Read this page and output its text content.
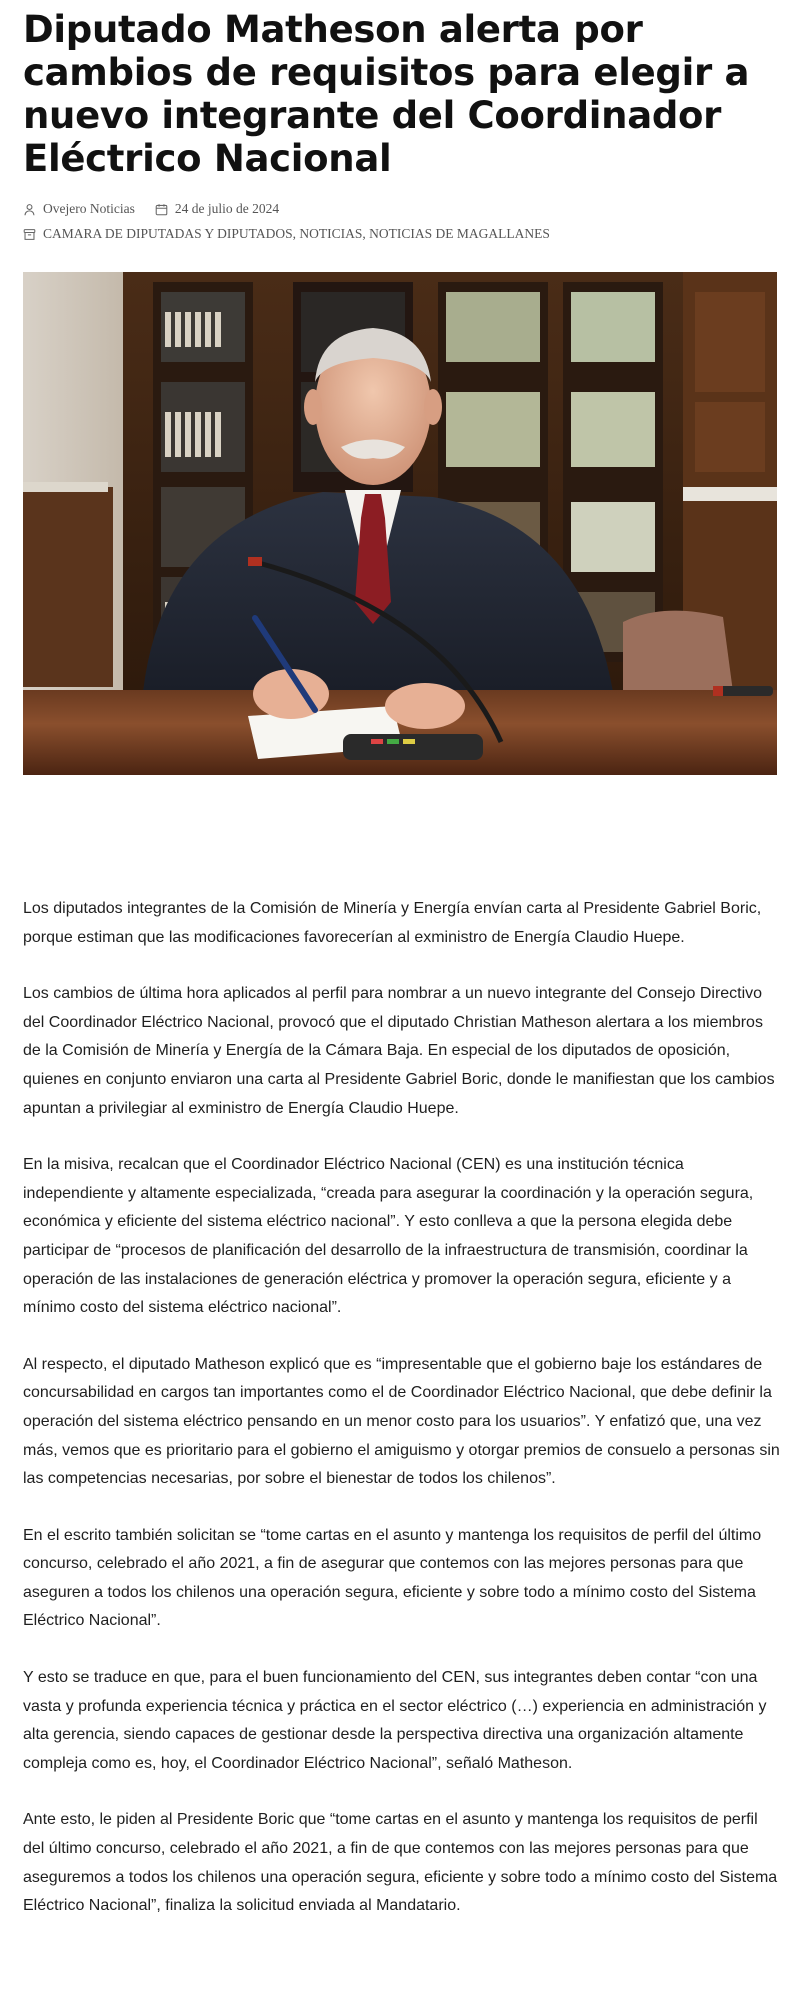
Diputado Matheson alerta por cambios de requisitos para elegir a nuevo integrante del Coordinador Eléctrico Nacional
Ovejero Noticias	24 de julio de 2024
CAMARA DE DIPUTADAS Y DIPUTADOS, NOTICIAS, NOTICIAS DE MAGALLANES

Los diputados integrantes de la Comisión de Minería y Energía envían carta al Presidente Gabriel Boric, porque estiman que las modificaciones favorecerían al exministro de Energía Claudio Huepe.

Los cambios de última hora aplicados al perfil para nombrar a un nuevo integrante del Consejo Directivo del Coordinador Eléctrico Nacional, provocó que el diputado Christian Matheson alertara a los miembros de la Comisión de Minería y Energía de la Cámara Baja. En especial de los diputados de oposición, quienes en conjunto enviaron una carta al Presidente Gabriel Boric, donde le manifiestan que los cambios apuntan a privilegiar al exministro de Energía Claudio Huepe.

En la misiva, recalcan que el Coordinador Eléctrico Nacional (CEN) es una institución técnica independiente y altamente especializada, “creada para asegurar la coordinación y la operación segura, económica y eficiente del sistema eléctrico nacional”. Y esto conlleva a que la persona elegida debe participar de “procesos de planificación del desarrollo de la infraestructura de transmisión, coordinar la operación de las instalaciones de generación eléctrica y promover la operación segura, eficiente y a mínimo costo del sistema eléctrico nacional”.

Al respecto, el diputado Matheson explicó que es “impresentable que el gobierno baje los estándares de concursabilidad en cargos tan importantes como el de Coordinador Eléctrico Nacional, que debe definir la operación del sistema eléctrico pensando en un menor costo para los usuarios”. Y enfatizó que, una vez más, vemos que es prioritario para el gobierno el amiguismo y otorgar premios de consuelo a personas sin las competencias necesarias, por sobre el bienestar de todos los chilenos”.

En el escrito también solicitan se “tome cartas en el asunto y mantenga los requisitos de perfil del último concurso, celebrado el año 2021, a fin de asegurar que contemos con las mejores personas para que aseguren a todos los chilenos una operación segura, eficiente y sobre todo a mínimo costo del Sistema Eléctrico Nacional”.

Y esto se traduce en que, para el buen funcionamiento del CEN, sus integrantes deben contar “con una vasta y profunda experiencia técnica y práctica en el sector eléctrico (…) experiencia en administración y alta gerencia, siendo capaces de gestionar desde la perspectiva directiva una organización altamente compleja como es, hoy, el Coordinador Eléctrico Nacional”, señaló Matheson.

Ante esto, le piden al Presidente Boric que “tome cartas en el asunto y mantenga los requisitos de perfil del último concurso, celebrado el año 2021, a fin de que contemos con las mejores personas para que aseguremos a todos los chilenos una operación segura, eficiente y sobre todo a mínimo costo del Sistema Eléctrico Nacional”, finaliza la solicitud enviada al Mandatario.
